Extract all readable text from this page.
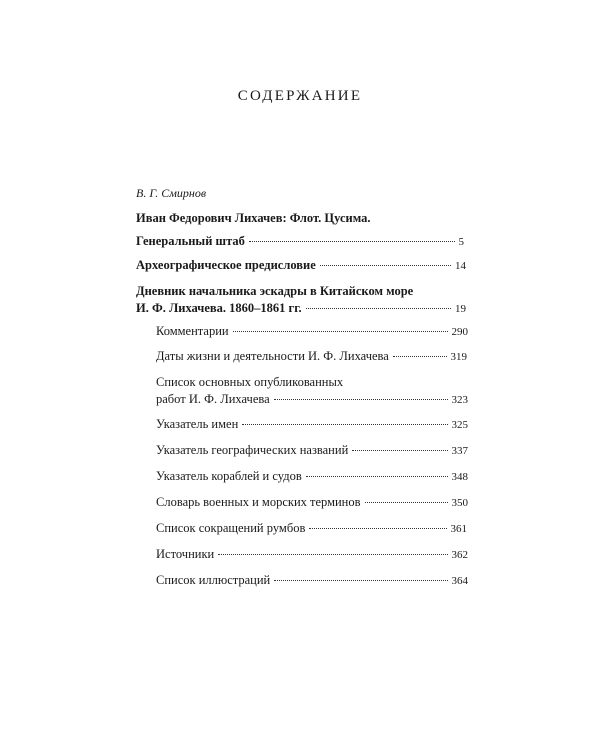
СОДЕРЖАНИЕ
В. Г. Смирнов
Иван Федорович Лихачев: Флот. Цусима.
Генеральный штаб	5
Археографическое предисловие	14
Дневник начальника эскадры в Китайском море
И. Ф. Лихачева. 1860–1861 гг.	19
Комментарии	290
Даты жизни и деятельности И. Ф. Лихачева	319
Список основных опубликованных
работ И. Ф. Лихачева	323
Указатель имен	325
Указатель географических названий	337
Указатель кораблей и судов	348
Словарь военных и морских терминов	350
Список сокращений румбов	361
Источники	362
Список иллюстраций	364
